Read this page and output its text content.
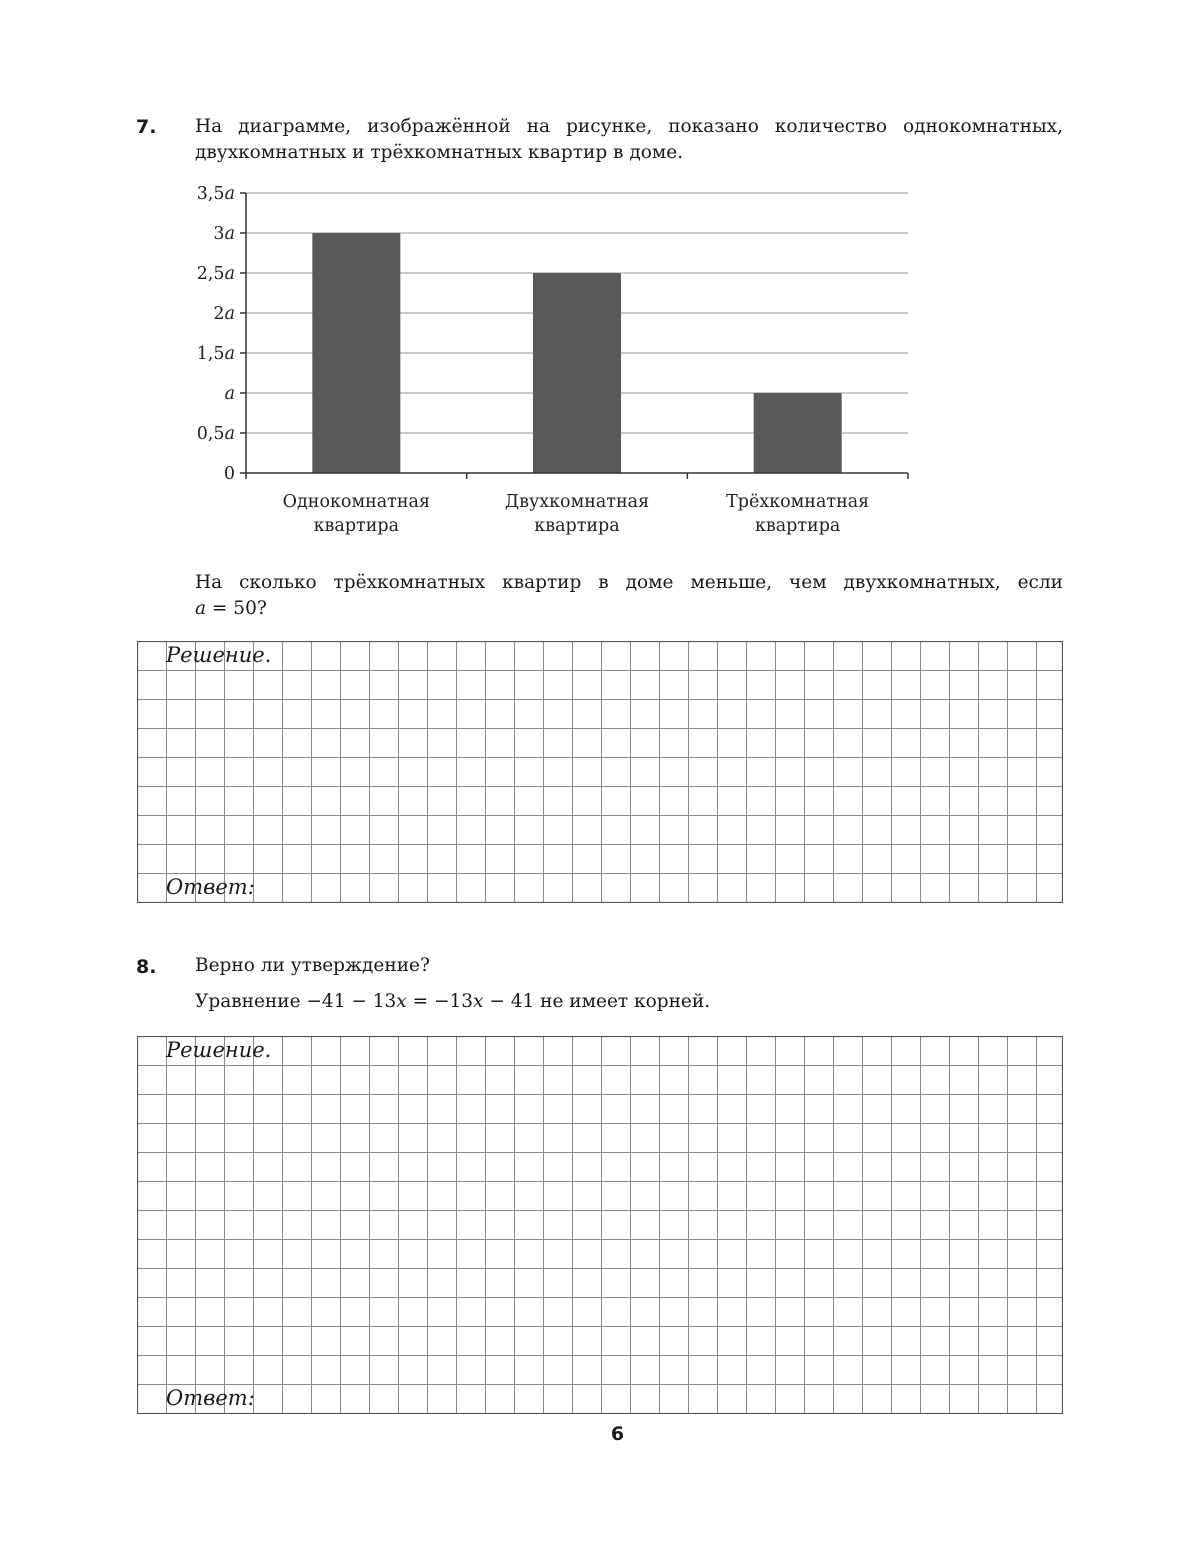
7. На диаграмме, изображённой на рисунке, показано количество однокомнатных,

двухкомнатных и трёхкомнатных квартир в доме.

0
0,5a
a
1,5a
2a
2,5a
3a
3,5a
Однокомнатная
квартира
Двухкомнатная
квартира
Трёхкомнатная
квартира

На сколько трёхкомнатных квартир в доме меньше, чем двухкомнатных, если

a = 50?

Решение.
Ответ:
8. Верно ли утверждение?

Уравнение −41 − 13x = −13x − 41 не имеет корней.

Решение.
Ответ:
6
